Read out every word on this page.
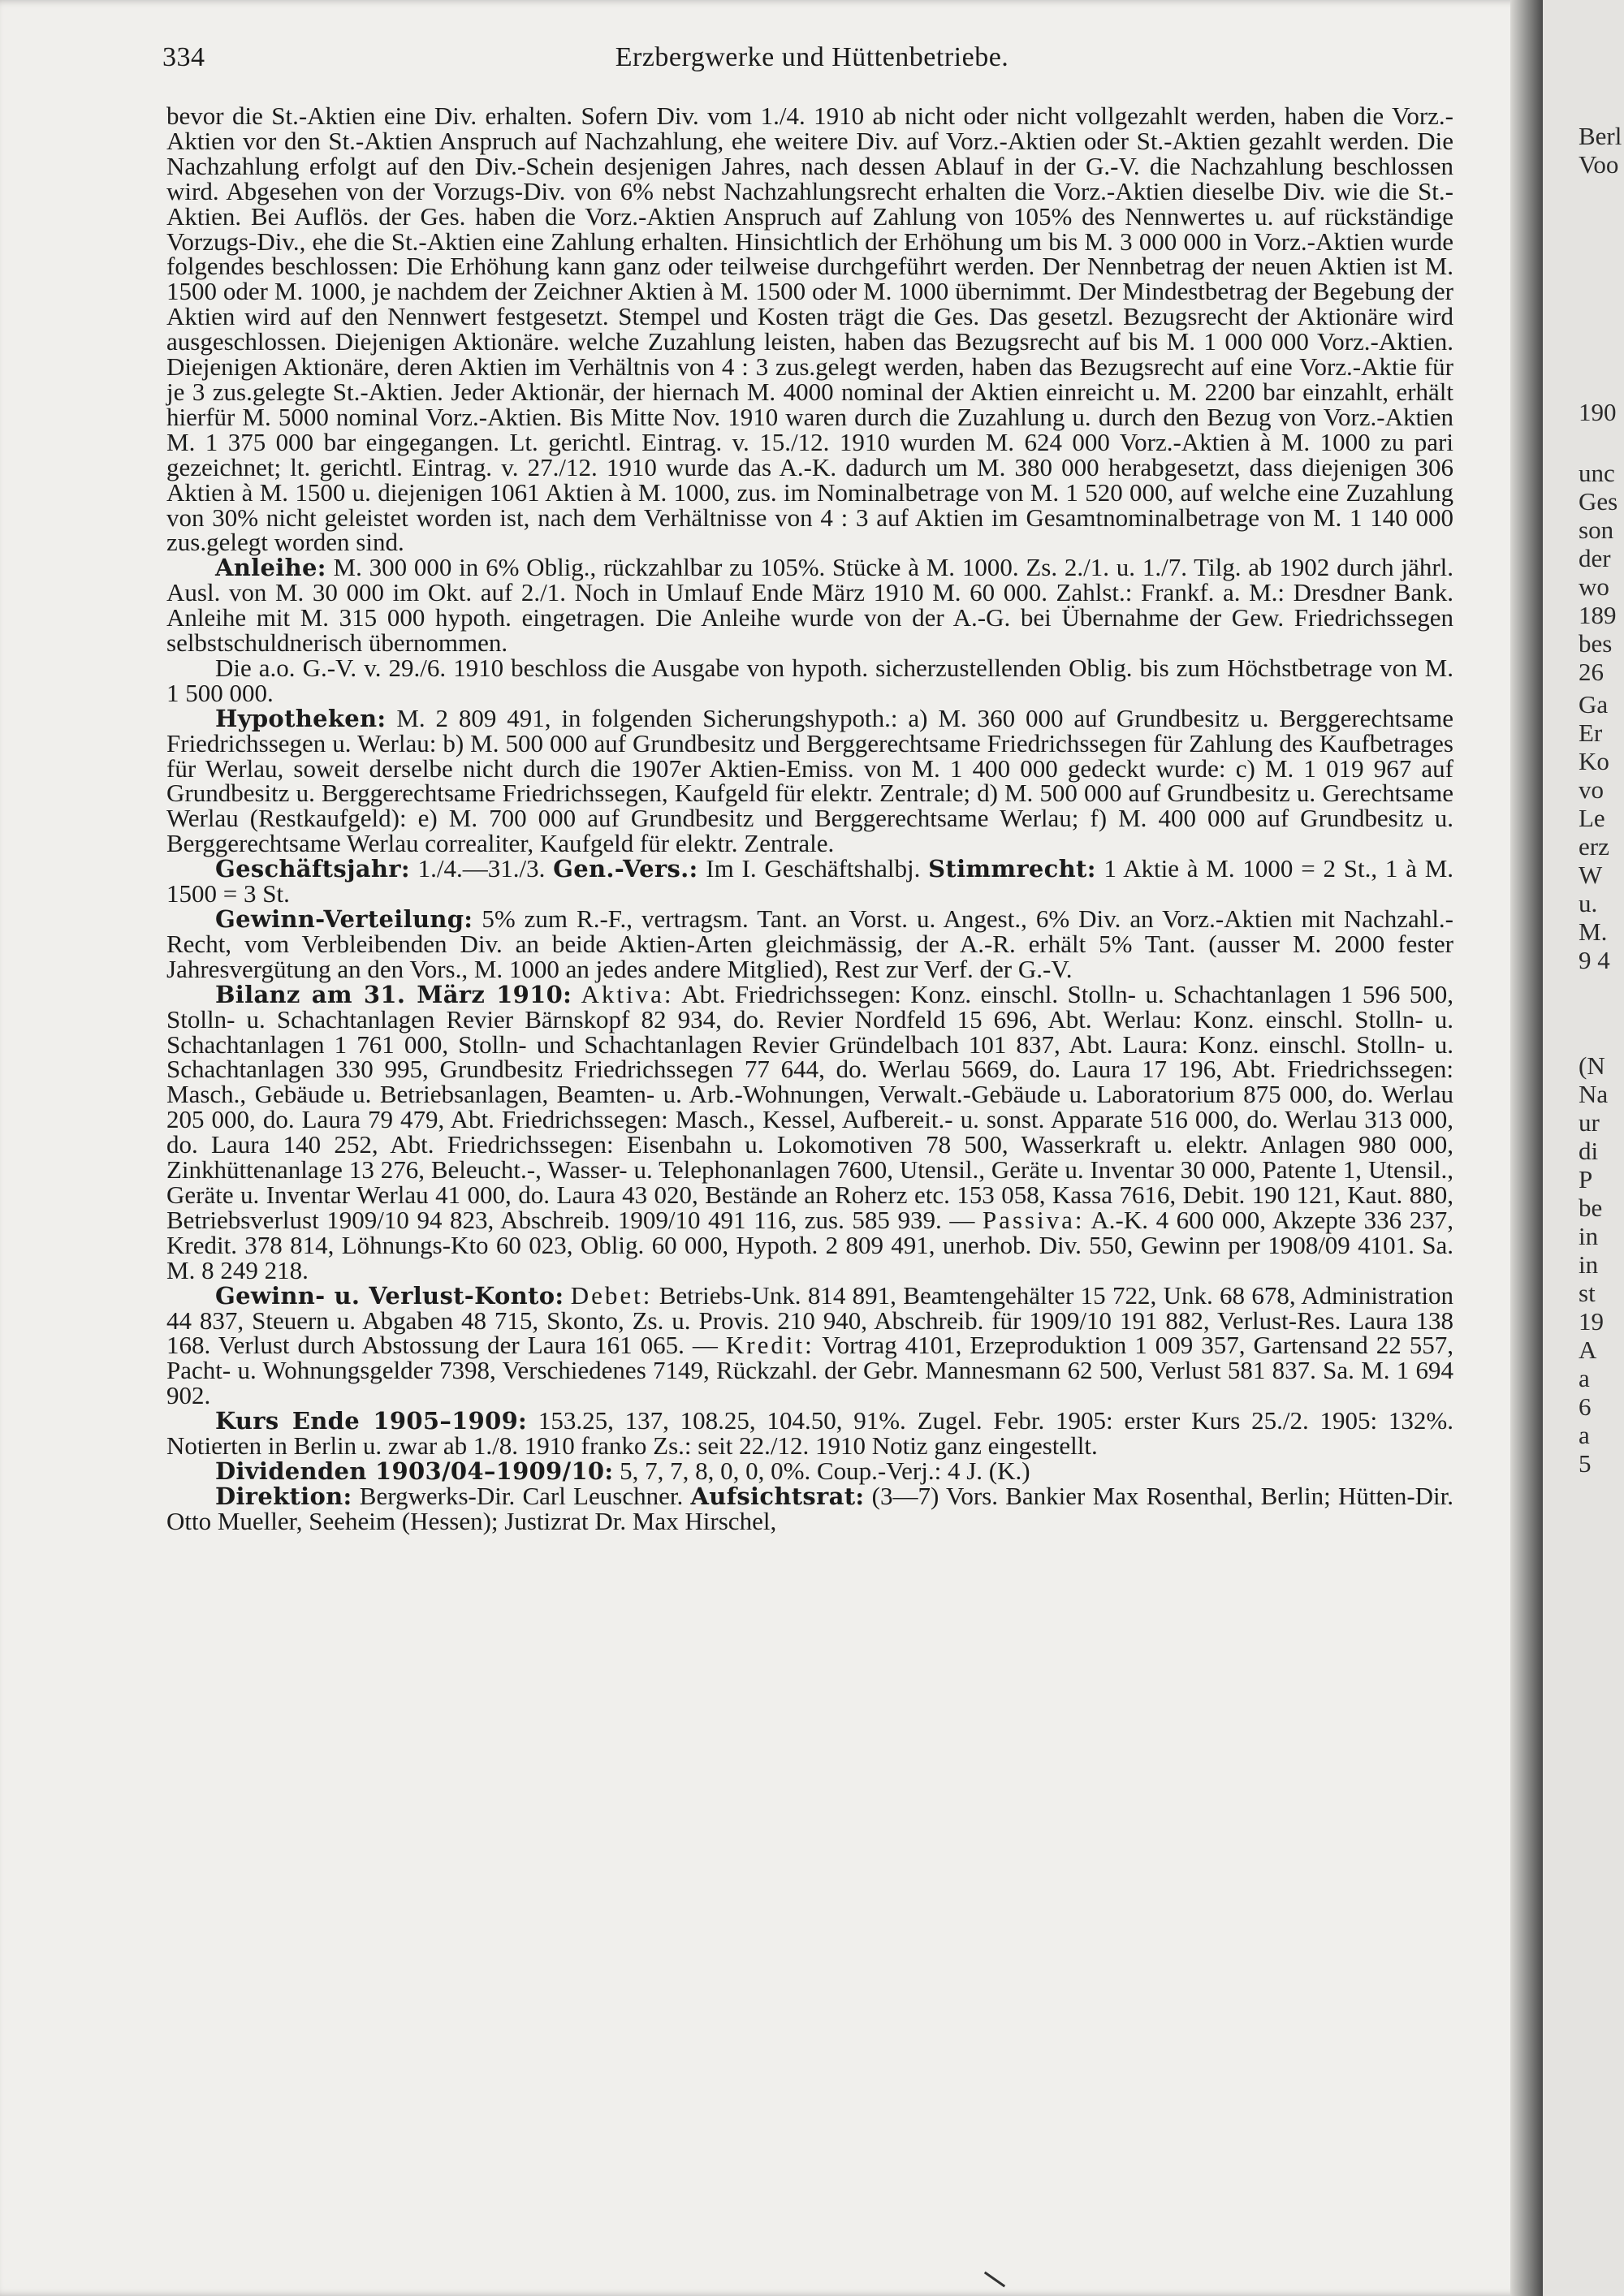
334	Erzbergwerke und Hüttenbetriebe.

bevor die St.-Aktien eine Div. erhalten. Sofern Div. vom 1./4. 1910 ab nicht oder nicht vollgezahlt werden, haben die Vorz.-Aktien vor den St.-Aktien Anspruch auf Nachzahlung, ehe weitere Div. auf Vorz.-Aktien oder St.-Aktien gezahlt werden. Die Nachzahlung erfolgt auf den Div.-Schein desjenigen Jahres, nach dessen Ablauf in der G.-V. die Nachzahlung beschlossen wird. Abgesehen von der Vorzugs-Div. von 6% nebst Nachzahlungsrecht erhalten die Vorz.-Aktien dieselbe Div. wie die St.-Aktien. Bei Auflös. der Ges. haben die Vorz.-Aktien Anspruch auf Zahlung von 105% des Nennwertes u. auf rückständige Vorzugs-Div., ehe die St.-Aktien eine Zahlung erhalten. Hinsichtlich der Erhöhung um bis M. 3 000 000 in Vorz.-Aktien wurde folgendes beschlossen: Die Erhöhung kann ganz oder teilweise durchgeführt werden. Der Nennbetrag der neuen Aktien ist M. 1500 oder M. 1000, je nachdem der Zeichner Aktien à M. 1500 oder M. 1000 übernimmt. Der Mindestbetrag der Begebung der Aktien wird auf den Nennwert festgesetzt. Stempel und Kosten trägt die Ges. Das gesetzl. Bezugsrecht der Aktionäre wird ausgeschlossen. Diejenigen Aktionäre. welche Zuzahlung leisten, haben das Bezugsrecht auf bis M. 1 000 000 Vorz.-Aktien. Diejenigen Aktionäre, deren Aktien im Verhältnis von 4 : 3 zus.gelegt werden, haben das Bezugsrecht auf eine Vorz.-Aktie für je 3 zus.gelegte St.-Aktien. Jeder Aktionär, der hiernach M. 4000 nominal der Aktien einreicht u. M. 2200 bar einzahlt, erhält hierfür M. 5000 nominal Vorz.-Aktien. Bis Mitte Nov. 1910 waren durch die Zuzahlung u. durch den Bezug von Vorz.-Aktien M. 1 375 000 bar eingegangen. Lt. gerichtl. Eintrag. v. 15./12. 1910 wurden M. 624 000 Vorz.-Aktien à M. 1000 zu pari gezeichnet; lt. gerichtl. Eintrag. v. 27./12. 1910 wurde das A.-K. dadurch um M. 380 000 herabgesetzt, dass diejenigen 306 Aktien à M. 1500 u. diejenigen 1061 Aktien à M. 1000, zus. im Nominalbetrage von M. 1 520 000, auf welche eine Zuzahlung von 30% nicht geleistet worden ist, nach dem Verhältnisse von 4 : 3 auf Aktien im Gesamtnominalbetrage von M. 1 140 000 zus.gelegt worden sind.

Anleihe: M. 300 000 in 6% Oblig., rückzahlbar zu 105%. Stücke à M. 1000. Zs. 2./1. u. 1./7. Tilg. ab 1902 durch jährl. Ausl. von M. 30 000 im Okt. auf 2./1. Noch in Umlauf Ende März 1910 M. 60 000. Zahlst.: Frankf. a. M.: Dresdner Bank. Anleihe mit M. 315 000 hypoth. eingetragen. Die Anleihe wurde von der A.-G. bei Übernahme der Gew. Friedrichssegen selbstschuldnerisch übernommen.

Die a.o. G.-V. v. 29./6. 1910 beschloss die Ausgabe von hypoth. sicherzustellenden Oblig. bis zum Höchstbetrage von M. 1 500 000.

Hypotheken: M. 2 809 491, in folgenden Sicherungshypoth.: a) M. 360 000 auf Grundbesitz u. Berggerechtsame Friedrichssegen u. Werlau: b) M. 500 000 auf Grundbesitz und Berggerechtsame Friedrichssegen für Zahlung des Kaufbetrages für Werlau, soweit derselbe nicht durch die 1907er Aktien-Emiss. von M. 1 400 000 gedeckt wurde: c) M. 1 019 967 auf Grundbesitz u. Berggerechtsame Friedrichssegen, Kaufgeld für elektr. Zentrale; d) M. 500 000 auf Grundbesitz u. Gerechtsame Werlau (Restkaufgeld): e) M. 700 000 auf Grundbesitz und Berggerechtsame Werlau; f) M. 400 000 auf Grundbesitz u. Berggerechtsame Werlau correaliter, Kaufgeld für elektr. Zentrale.

Geschäftsjahr: 1./4.—31./3. Gen.-Vers.: Im I. Geschäftshalbj. Stimmrecht: 1 Aktie à M. 1000 = 2 St., 1 à M. 1500 = 3 St.

Gewinn-Verteilung: 5% zum R.-F., vertragsm. Tant. an Vorst. u. Angest., 6% Div. an Vorz.-Aktien mit Nachzahl.-Recht, vom Verbleibenden Div. an beide Aktien-Arten gleichmässig, der A.-R. erhält 5% Tant. (ausser M. 2000 fester Jahresvergütung an den Vors., M. 1000 an jedes andere Mitglied), Rest zur Verf. der G.-V.

Bilanz am 31. März 1910: Aktiva: Abt. Friedrichssegen: Konz. einschl. Stolln- u. Schachtanlagen 1 596 500, Stolln- u. Schachtanlagen Revier Bärnskopf 82 934, do. Revier Nordfeld 15 696, Abt. Werlau: Konz. einschl. Stolln- u. Schachtanlagen 1 761 000, Stolln- und Schachtanlagen Revier Gründelbach 101 837, Abt. Laura: Konz. einschl. Stolln- u. Schachtanlagen 330 995, Grundbesitz Friedrichssegen 77 644, do. Werlau 5669, do. Laura 17 196, Abt. Friedrichssegen: Masch., Gebäude u. Betriebsanlagen, Beamten- u. Arb.-Wohnungen, Verwalt.-Gebäude u. Laboratorium 875 000, do. Werlau 205 000, do. Laura 79 479, Abt. Friedrichssegen: Masch., Kessel, Aufbereit.- u. sonst. Apparate 516 000, do. Werlau 313 000, do. Laura 140 252, Abt. Friedrichssegen: Eisenbahn u. Lokomotiven 78 500, Wasserkraft u. elektr. Anlagen 980 000, Zinkhüttenanlage 13 276, Beleucht.-, Wasser- u. Telephonanlagen 7600, Utensil., Geräte u. Inventar 30 000, Patente 1, Utensil., Geräte u. Inventar Werlau 41 000, do. Laura 43 020, Bestände an Roherz etc. 153 058, Kassa 7616, Debit. 190 121, Kaut. 880, Betriebsverlust 1909/10 94 823, Abschreib. 1909/10 491 116, zus. 585 939. — Passiva: A.-K. 4 600 000, Akzepte 336 237, Kredit. 378 814, Löhnungs-Kto 60 023, Oblig. 60 000, Hypoth. 2 809 491, unerhob. Div. 550, Gewinn per 1908/09 4101. Sa. M. 8 249 218.

Gewinn- u. Verlust-Konto: Debet: Betriebs-Unk. 814 891, Beamtengehälter 15 722, Unk. 68 678, Administration 44 837, Steuern u. Abgaben 48 715, Skonto, Zs. u. Provis. 210 940, Abschreib. für 1909/10 191 882, Verlust-Res. Laura 138 168. Verlust durch Abstossung der Laura 161 065. — Kredit: Vortrag 4101, Erzeproduktion 1 009 357, Gartensand 22 557, Pacht- u. Wohnungsgelder 7398, Verschiedenes 7149, Rückzahl. der Gebr. Mannesmann 62 500, Verlust 581 837. Sa. M. 1 694 902.

Kurs Ende 1905–1909: 153.25, 137, 108.25, 104.50, 91%. Zugel. Febr. 1905: erster Kurs 25./2. 1905: 132%. Notierten in Berlin u. zwar ab 1./8. 1910 franko Zs.: seit 22./12. 1910 Notiz ganz eingestellt.

Dividenden 1903/04–1909/10: 5, 7, 7, 8, 0, 0, 0%. Coup.-Verj.: 4 J. (K.)

Direktion: Bergwerks-Dir. Carl Leuschner. Aufsichtsrat: (3—7) Vors. Bankier Max Rosenthal, Berlin; Hütten-Dir. Otto Mueller, Seeheim (Hessen); Justizrat Dr. Max Hirschel,

Berl

Voo

190

unc

Ges

son

der

wo

189

bes

26

Ga

Er

Ko

vo

Le

erz

W

u.

M.

9 4

(N

Na

ur

di

P

be

in

in

st

19

A

a

6

a

5
